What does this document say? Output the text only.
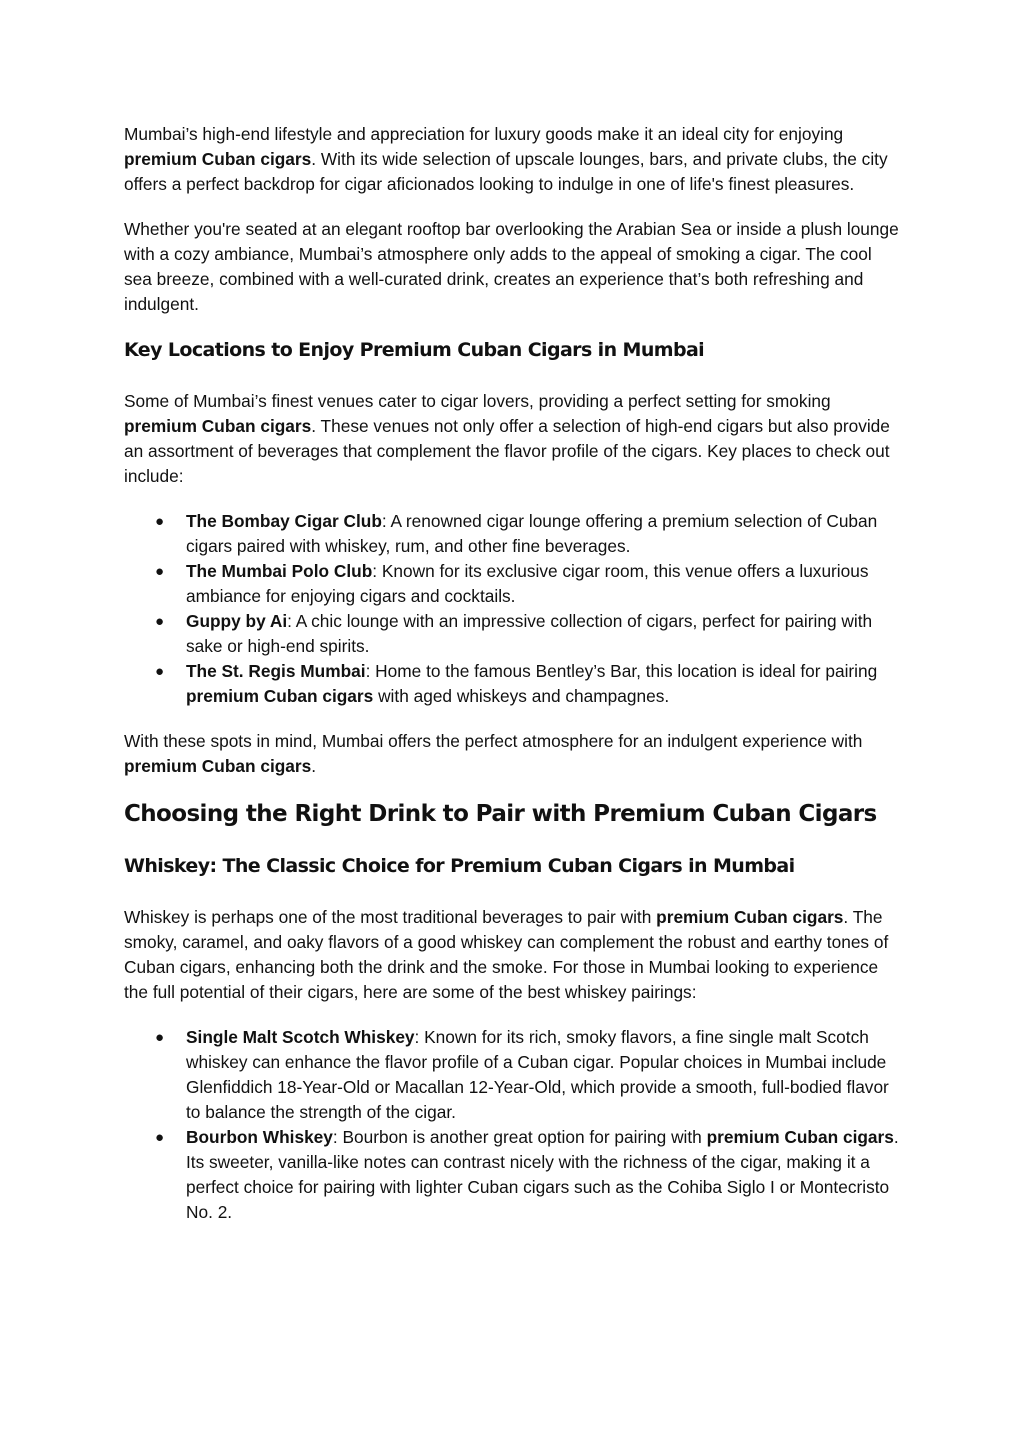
Mumbai’s high-end lifestyle and appreciation for luxury goods make it an ideal city for enjoying premium Cuban cigars. With its wide selection of upscale lounges, bars, and private clubs, the city offers a perfect backdrop for cigar aficionados looking to indulge in one of life's finest pleasures.

Whether you're seated at an elegant rooftop bar overlooking the Arabian Sea or inside a plush lounge with a cozy ambiance, Mumbai’s atmosphere only adds to the appeal of smoking a cigar. The cool sea breeze, combined with a well-curated drink, creates an experience that’s both refreshing and indulgent.

Key Locations to Enjoy Premium Cuban Cigars in Mumbai

Some of Mumbai’s finest venues cater to cigar lovers, providing a perfect setting for smoking premium Cuban cigars. These venues not only offer a selection of high-end cigars but also provide an assortment of beverages that complement the flavor profile of the cigars. Key places to check out include:

● The Bombay Cigar Club: A renowned cigar lounge offering a premium selection of Cuban cigars paired with whiskey, rum, and other fine beverages.
● The Mumbai Polo Club: Known for its exclusive cigar room, this venue offers a luxurious ambiance for enjoying cigars and cocktails.
● Guppy by Ai: A chic lounge with an impressive collection of cigars, perfect for pairing with sake or high-end spirits.
● The St. Regis Mumbai: Home to the famous Bentley’s Bar, this location is ideal for pairing premium Cuban cigars with aged whiskeys and champagnes.

With these spots in mind, Mumbai offers the perfect atmosphere for an indulgent experience with premium Cuban cigars.

Choosing the Right Drink to Pair with Premium Cuban Cigars
Whiskey: The Classic Choice for Premium Cuban Cigars in Mumbai

Whiskey is perhaps one of the most traditional beverages to pair with premium Cuban cigars. The smoky, caramel, and oaky flavors of a good whiskey can complement the robust and earthy tones of Cuban cigars, enhancing both the drink and the smoke. For those in Mumbai looking to experience the full potential of their cigars, here are some of the best whiskey pairings:

● Single Malt Scotch Whiskey: Known for its rich, smoky flavors, a fine single malt Scotch whiskey can enhance the flavor profile of a Cuban cigar. Popular choices in Mumbai include Glenfiddich 18-Year-Old or Macallan 12-Year-Old, which provide a smooth, full-bodied flavor to balance the strength of the cigar.
● Bourbon Whiskey: Bourbon is another great option for pairing with premium Cuban cigars. Its sweeter, vanilla-like notes can contrast nicely with the richness of the cigar, making it a perfect choice for pairing with lighter Cuban cigars such as the Cohiba Siglo I or Montecristo No. 2.
